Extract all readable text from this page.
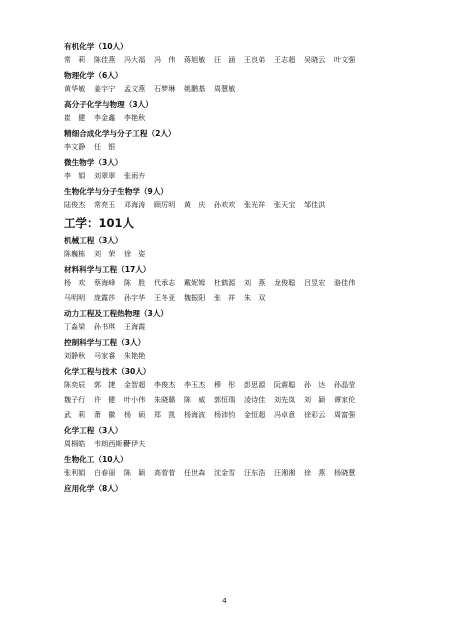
有机化学（10人）
常　莉	陈佳燕	冯大福	冯　伟	蒋旭敏	汪　涵	王良弟	王志超	吴晓云	叶文强
物理化学（6人）
黄华敏	姜宇宁	孟文燕	石梦琳	姚鹏基	周慧敏
高分子化学与物理（3人）
崔　健	李金鑫	李艳秋
精细合成化学与分子工程（2人）
李文静	任　银
微生物学（3人）
李　娟	刘翠翠	张雨卉
生物化学与分子生物学（9人）
陆俊杰	常亮玉	邓海涛	顾厉明	黄　庆	孙欢欢	张光祥	张天宝	邹佳洪
工学：101人
机械工程（3人）
陈巍栋	刘　荣	徐　姿
材料科学与工程（17人）
杨　欢	蔡海峰	陈　胜	代承志	戴妮姆	杜鹤源	刘　燕	龙俊聪	吕昱宏	骆佳伟
马明明	庞露莎	孙宇华	王冬亚	魏振阳	张　祥	朱　双
动力工程及工程热物理（3人）
丁淼梁	孙书琪	王海霞
控制科学与工程（3人）
刘静秋	马家睿	朱艳艳
化学工程与技术（30人）
陈奕辰	郭　捷	金智超	李俊杰	李玉杰	穆　彤	彭思源	阮震聪	孙　达	孙晶莹
魏子行	许　健	叶小伟	朱晓璐	陈　威	郭恒瑞	凌诗佳	刘先岚	刘　颖	谭家伦
武　莉	萧　徽	杨　硕	郑　凯	杨海波	杨沛钧	金恒超	冯卓意	徐彩云	周富强
化学工程（3人）
周桐皓	韦朗西斯利
萨伊夫
生物化工（10人）
张利娟	白春丽	陈　颖	高菅菅	任世森	沈金雪	汪东浩	汪湘湘	徐　燕	杨晓慧
应用化学（8人）
4
